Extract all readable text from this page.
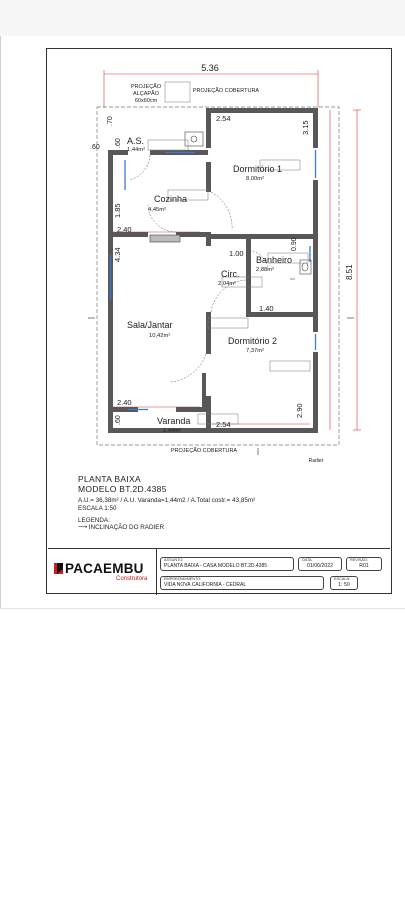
5.36
.60
.70
.60
2.54
3.15
8.51
1.85
2.40
4.34	1.00
0.90
1.40
2.40
.60	2.54
2.90
PROJEÇÃO
ALÇAPÃO
60x60cm
PROJEÇÃO COBERTURA
PROJEÇÃO COBERTURA
Radier
A.S.
1,44m²
Cozinha
4,45m²
Dormitório 1
8,00m²
Banheiro
2,88m²
Circ.
2,04m²
Sala/Jantar
10,42m²	Dormitório 2
7,37m²
Varanda
1,44m²
PLANTA BAIXA
MODELO BT.2D.4385
A.U.= 36,38m² / A.U. Varanda=1,44m2 / A.Total costr.= 43,85m²
ESCALA 1:50
LEGENDA:
⟶ INCLINAÇÃO DO RADIER
PACAEMBU
Construtora
ASSUNTO:
PLANTA BAIXA - CASA MODELO BT.2D.4385
DATA:
01/06/2022
REVISÃO:
R01
EMPREENDIMENTO:
VIDA NOVA CALIFORNIA - CEDRAL
ESCALA:
1: 50
